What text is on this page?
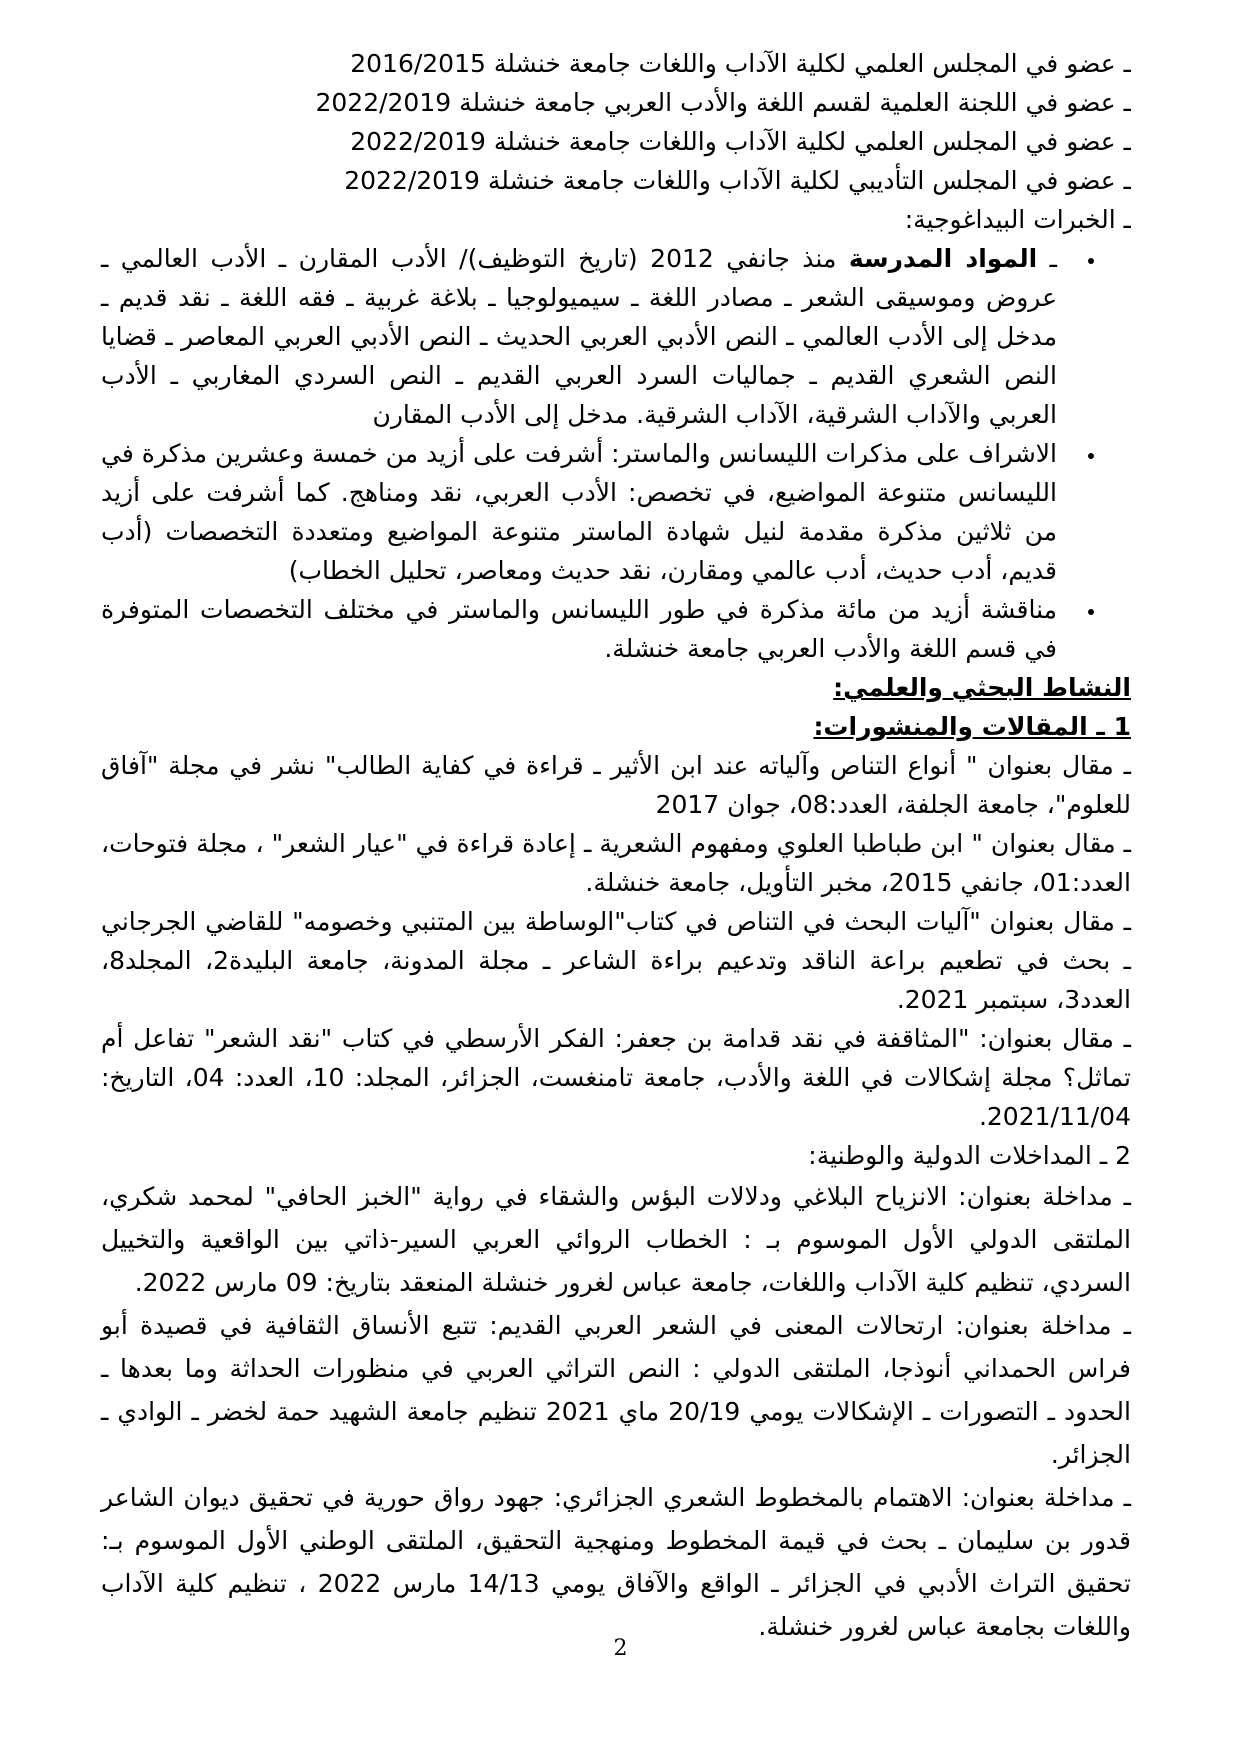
ـ عضو في المجلس العلمي لكلية الآداب واللغات جامعة خنشلة 2016/2015
ـ عضو في اللجنة العلمية لقسم اللغة والأدب العربي جامعة خنشلة 2022/2019
ـ عضو في المجلس العلمي لكلية الآداب واللغات جامعة خنشلة 2022/2019
ـ عضو في المجلس التأديبي لكلية الآداب واللغات جامعة خنشلة 2022/2019
ـ الخبرات البيداغوجية:
• ـ المواد المدرسة منذ جانفي 2012 (تاريخ التوظيف)/ الأدب المقارن ـ الأدب العالمي ـ عروض وموسيقى الشعر ـ مصادر اللغة ـ سيميولوجيا ـ بلاغة غربية ـ فقه اللغة ـ نقد قديم ـ مدخل إلى الأدب العالمي ـ النص الأدبي العربي الحديث ـ النص الأدبي العربي المعاصر ـ قضايا النص الشعري القديم ـ جماليات السرد العربي القديم ـ النص السردي المغاربي ـ الأدب العربي والآداب الشرقية، الآداب الشرقية. مدخل إلى الأدب المقارن
• الاشراف على مذكرات الليسانس والماستر: أشرفت على أزيد من خمسة وعشرين مذكرة في الليسانس متنوعة المواضيع، في تخصص: الأدب العربي، نقد ومناهج. كما أشرفت على أزيد من ثلاثين مذكرة مقدمة لنيل شهادة الماستر متنوعة المواضيع ومتعددة التخصصات (أدب قديم، أدب حديث، أدب عالمي ومقارن، نقد حديث ومعاصر، تحليل الخطاب)
• مناقشة أزيد من مائة مذكرة في طور الليسانس والماستر في مختلف التخصصات المتوفرة في قسم اللغة والأدب العربي جامعة خنشلة.
النشاط البحثي والعلمي:
1 ـ المقالات والمنشورات:
ـ مقال بعنوان " أنواع التناص وآلياته عند ابن الأثير ـ قراءة في كفاية الطالب" نشر في مجلة "آفاق للعلوم"، جامعة الجلفة، العدد:08، جوان 2017
ـ مقال بعنوان " ابن طباطبا العلوي ومفهوم الشعرية ـ إعادة قراءة في "عيار الشعر" ، مجلة فتوحات، العدد:01، جانفي 2015، مخبر التأويل، جامعة خنشلة.
ـ مقال بعنوان "آليات البحث في التناص في كتاب"الوساطة بين المتنبي وخصومه" للقاضي الجرجاني ـ بحث في تطعيم براعة الناقد وتدعيم براءة الشاعر ـ مجلة المدونة، جامعة البليدة2، المجلد8، العدد3، سبتمبر 2021.
ـ مقال بعنوان: "المثاقفة في نقد قدامة بن جعفر: الفكر الأرسطي في كتاب "نقد الشعر" تفاعل أم تماثل؟ مجلة إشكالات في اللغة والأدب، جامعة تامنغست، الجزائر، المجلد: 10، العدد: 04، التاريخ: 2021/11/04.
2 ـ المداخلات الدولية والوطنية:
ـ مداخلة بعنوان: الانزياح البلاغي ودلالات البؤس والشقاء في رواية "الخبز الحافي" لمحمد شكري، الملتقى الدولي الأول الموسوم بـ : الخطاب الروائي العربي السير-ذاتي بين الواقعية والتخييل السردي، تنظيم كلية الآداب واللغات، جامعة عباس لغرور خنشلة المنعقد بتاريخ: 09 مارس 2022.
ـ مداخلة بعنوان: ارتحالات المعنى في الشعر العربي القديم: تتبع الأنساق الثقافية في قصيدة أبو فراس الحمداني أنوذجا، الملتقى الدولي : النص التراثي العربي في منظورات الحداثة وما بعدها ـ الحدود ـ التصورات ـ الإشكالات يومي 20/19 ماي 2021 تنظيم جامعة الشهيد حمة لخضر ـ الوادي ـ الجزائر.
ـ مداخلة بعنوان: الاهتمام بالمخطوط الشعري الجزائري: جهود رواق حورية في تحقيق ديوان الشاعر قدور بن سليمان ـ بحث في قيمة المخطوط ومنهجية التحقيق، الملتقى الوطني الأول الموسوم بـ: تحقيق التراث الأدبي في الجزائر ـ الواقع والآفاق يومي 14/13 مارس 2022 ، تنظيم كلية الآداب واللغات بجامعة عباس لغرور خنشلة.
2
